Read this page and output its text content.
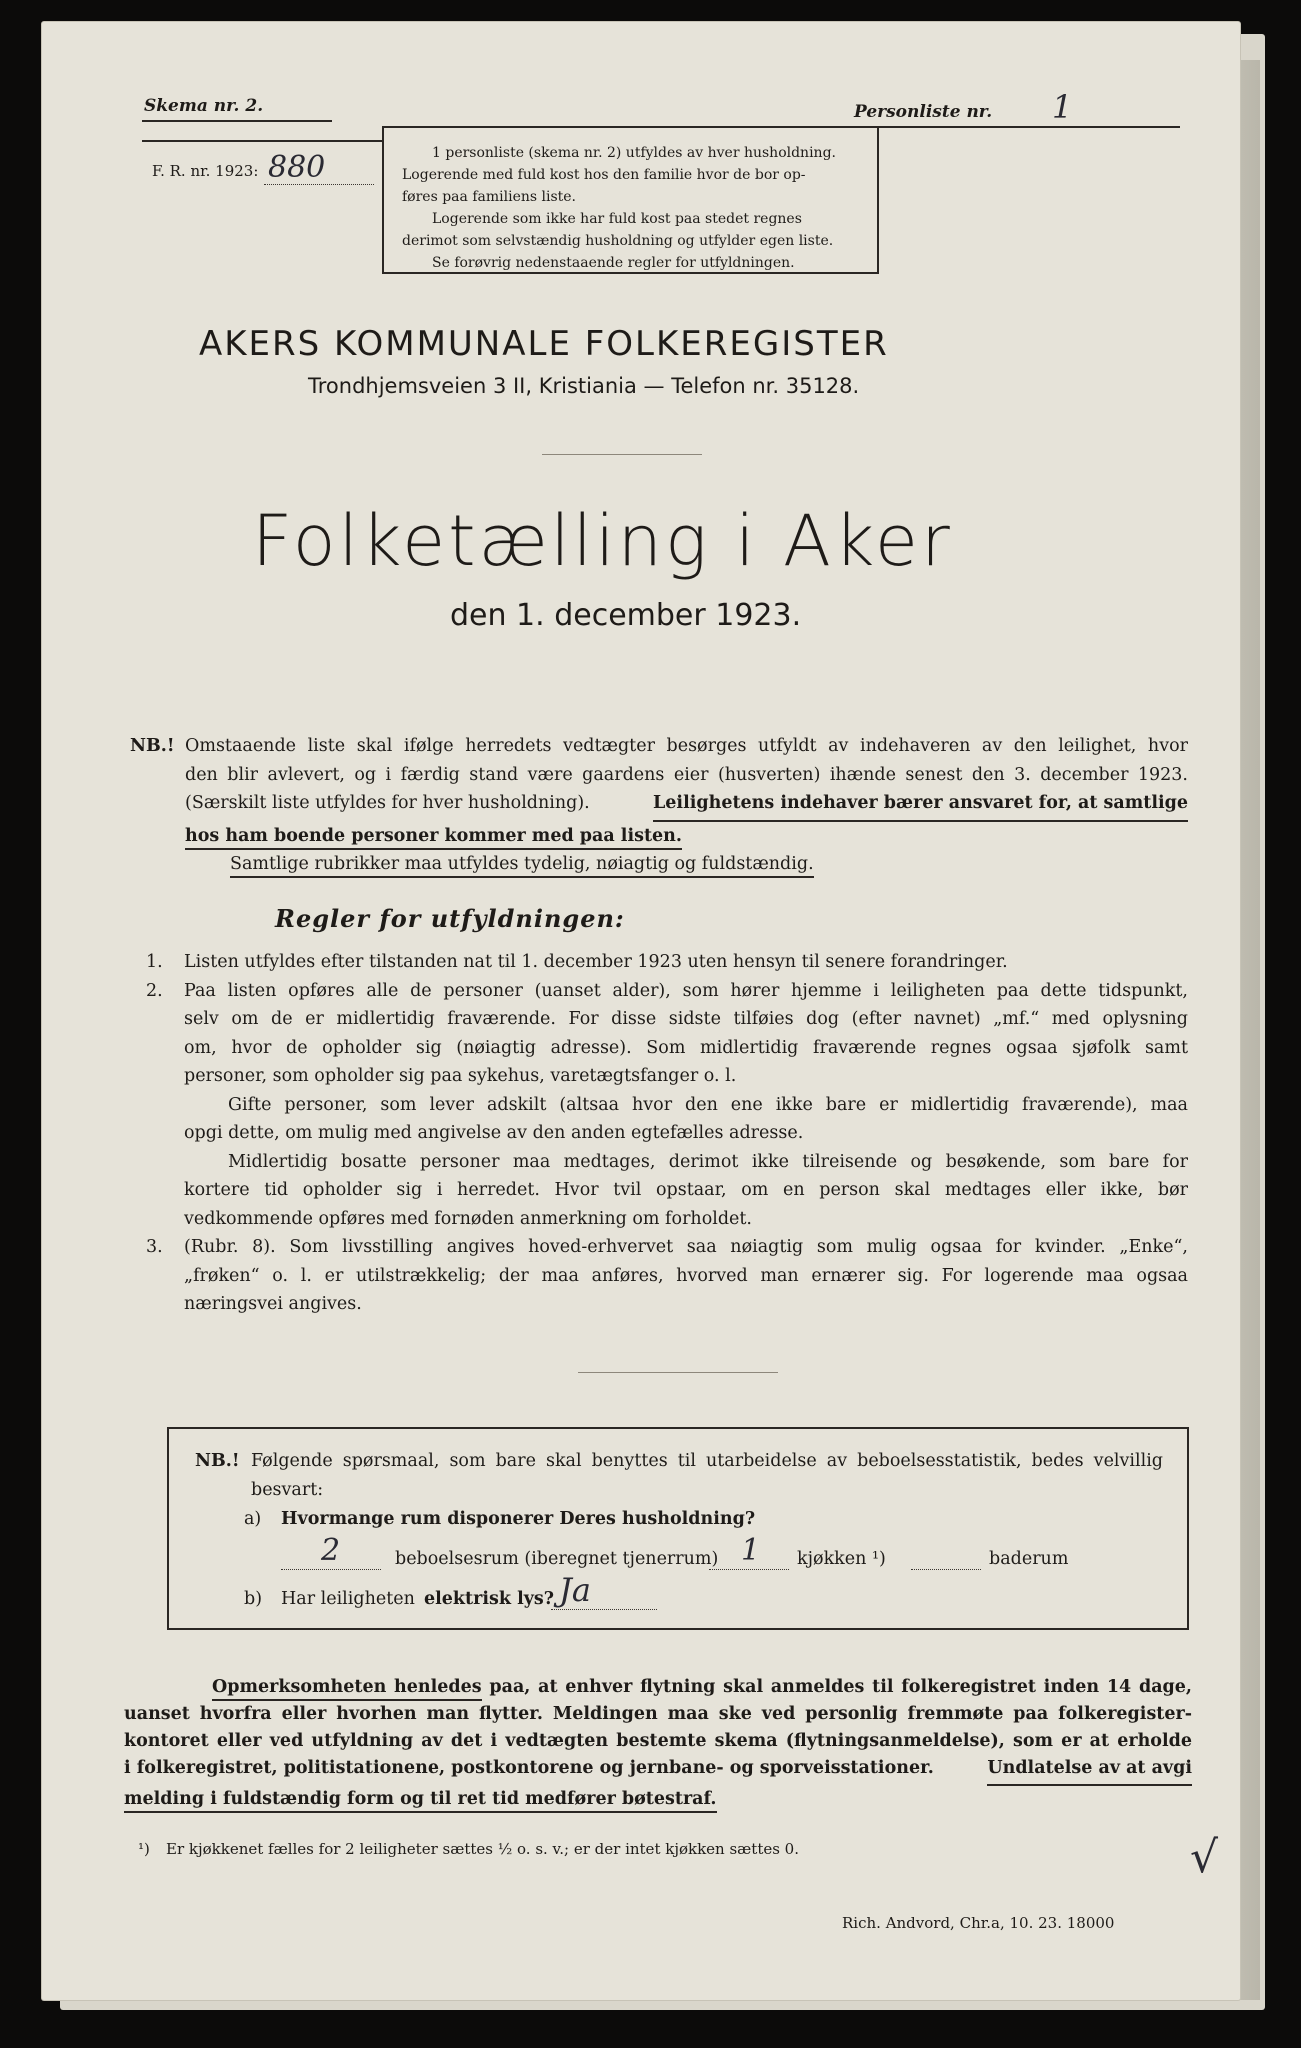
Skema nr. 2.
F. R. nr. 1923: 880	1 personliste (skema nr. 2) utfyldes av hver husholdning.
Logerende med fuld kost hos den familie hvor de bor op-
føres paa familiens liste.
Logerende som ikke har fuld kost paa stedet regnes
derimot som selvstændig husholdning og utfylder egen liste.
Se forøvrig nedenstaaende regler for utfyldningen.
Personliste nr. 1
AKERS KOMMUNALE FOLKEREGISTER
Trondhjemsveien 3 II, Kristiania — Telefon nr. 35128.
Folketælling i Aker
den 1. december 1923.
NB.! Omstaaende liste skal ifølge herredets vedtægter besørges utfyldt av indehaveren av den leilighet, hvor
den blir avlevert, og i færdig stand være gaardens eier (husverten) ihænde senest den 3. december 1923.
(Særskilt liste utfyldes for hver husholdning).	Leilighetens indehaver bærer ansvaret for, at samtlige
hos ham boende personer kommer med paa listen.
Samtlige rubrikker maa utfyldes tydelig, nøiagtig og fuldstændig.
Regler for utfyldningen:
1.	Listen utfyldes efter tilstanden nat til 1. december 1923 uten hensyn til senere forandringer.
2.	Paa listen opføres alle de personer (uanset alder), som hører hjemme i leiligheten paa dette tidspunkt,
selv om de er midlertidig fraværende. For disse sidste tilføies dog (efter navnet) „mf.“ med oplysning
om, hvor de opholder sig (nøiagtig adresse). Som midlertidig fraværende regnes ogsaa sjøfolk samt
personer, som opholder sig paa sykehus, varetægtsfanger o. l.
Gifte personer, som lever adskilt (altsaa hvor den ene ikke bare er midlertidig fraværende), maa
opgi dette, om mulig med angivelse av den anden egtefælles adresse.
Midlertidig bosatte personer maa medtages, derimot ikke tilreisende og besøkende, som bare for
kortere tid opholder sig i herredet. Hvor tvil opstaar, om en person skal medtages eller ikke, bør
vedkommende opføres med fornøden anmerkning om forholdet.
3.	(Rubr. 8). Som livsstilling angives hoved-erhvervet saa nøiagtig som mulig ogsaa for kvinder. „Enke“,
„frøken“ o. l. er utilstrækkelig; der maa anføres, hvorved man ernærer sig. For logerende maa ogsaa
næringsvei angives.
NB.! Følgende spørsmaal, som bare skal benyttes til utarbeidelse av beboelsesstatistik, bedes velvillig
besvart:
a) Hvormange rum disponerer Deres husholdning?
2	beboelsesrum (iberegnet tjenerrum) 1 kjøkken ¹)	baderum
b) Har leiligheten elektrisk lys? Ja
Opmerksomheten henledes paa, at enhver flytning skal anmeldes til folkeregistret inden 14 dage,
uanset hvorfra eller hvorhen man flytter. Meldingen maa ske ved personlig fremmøte paa folkeregister-
kontoret eller ved utfyldning av det i vedtægten bestemte skema (flytningsanmeldelse), som er at erholde
i folkeregistret, politistationene, postkontorene og jernbane- og sporveisstationer.	Undlatelse av at avgi
melding i fuldstændig form og til ret tid medfører bøtestraf.
¹) Er kjøkkenet fælles for 2 leiligheter sættes ½ o. s. v.; er der intet kjøkken sættes 0.	√
Rich. Andvord, Chr.a, 10. 23. 18000
